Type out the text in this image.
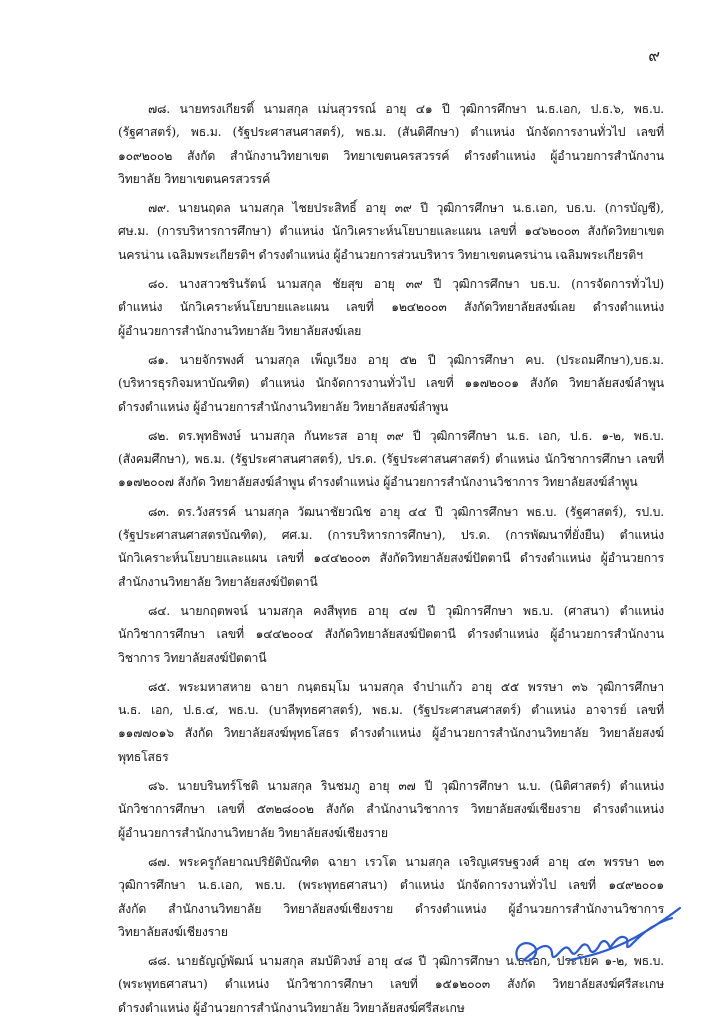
๙
๗๘. นายทรงเกียรติ์ นามสกุล เม่นสุวรรณ์ อายุ ๔๑ ปี วุฒิการศึกษา น.ธ.เอก, ป.ธ.๖, พธ.บ.
(รัฐศาสตร์), พธ.ม. (รัฐประศาสนศาสตร์), พธ.ม. (สันติศึกษา) ตำแหน่ง นักจัดการงานทั่วไป เลขที่
๑๐๙๒๐๐๒ สังกัด สำนักงานวิทยาเขต วิทยาเขตนครสวรรค์ ดำรงตำแหน่ง ผู้อำนวยการสำนักงาน
วิทยาลัย วิทยาเขตนครสวรรค์
๗๙. นายนฤดล นามสกุล ไชยประสิทธิ์ อายุ ๓๙ ปี วุฒิการศึกษา น.ธ.เอก, บธ.บ. (การบัญชี),
ศษ.ม. (การบริหารการศึกษา) ตำแหน่ง นักวิเคราะห์นโยบายและแผน เลขที่ ๑๔๖๒๐๐๓ สังกัดวิทยาเขต
นครน่าน เฉลิมพระเกียรติฯ ดำรงตำแหน่ง ผู้อำนวยการส่วนบริหาร วิทยาเขตนครน่าน เฉลิมพระเกียรติฯ
๘๐. นางสาวชรินรัตน์ นามสกุล ชัยสุข อายุ ๓๙ ปี วุฒิการศึกษา บธ.บ. (การจัดการทั่วไป)
ตำแหน่ง นักวิเคราะห์นโยบายและแผน เลขที่ ๑๒๔๒๐๐๓ สังกัดวิทยาลัยสงฆ์เลย ดำรงตำแหน่ง
ผู้อำนวยการสำนักงานวิทยาลัย วิทยาลัยสงฆ์เลย
๘๑. นายจักรพงศ์ นามสกุล เพ็ญเวียง อายุ ๕๒ ปี วุฒิการศึกษา คบ. (ประถมศึกษา),บธ.ม.
(บริหารธุรกิจมหาบัณฑิต) ตำแหน่ง นักจัดการงานทั่วไป เลขที่ ๑๑๗๒๐๐๑ สังกัด วิทยาลัยสงฆ์ลำพูน
ดำรงตำแหน่ง ผู้อำนวยการสำนักงานวิทยาลัย วิทยาลัยสงฆ์ลำพูน
๘๒. ดร.พุทธิพงษ์ นามสกุล กันทะรส อายุ ๓๙ ปี วุฒิการศึกษา น.ธ. เอก, ป.ธ. ๑-๒, พธ.บ.
(สังคมศึกษา), พธ.ม. (รัฐประศาสนศาสตร์), ปร.ด. (รัฐประศาสนศาสตร์) ตำแหน่ง นักวิชาการศึกษา เลขที่
๑๑๗๒๐๐๗ สังกัด วิทยาลัยสงฆ์ลำพูน ดำรงตำแหน่ง ผู้อำนวยการสำนักงานวิชาการ วิทยาลัยสงฆ์ลำพูน
๘๓. ดร.วังสรรค์ นามสกุล วัฒนาชัยวณิช อายุ ๔๔ ปี วุฒิการศึกษา พธ.บ. (รัฐศาสตร์), รป.บ.
(รัฐประศาสนศาสตรบัณฑิต), ศศ.ม. (การบริหารการศึกษา), ปร.ด. (การพัฒนาที่ยั่งยืน) ตำแหน่ง
นักวิเคราะห์นโยบายและแผน เลขที่ ๑๔๔๒๐๐๓ สังกัดวิทยาลัยสงฆ์ปัตตานี ดำรงตำแหน่ง ผู้อำนวยการ
สำนักงานวิทยาลัย วิทยาลัยสงฆ์ปัตตานี
๘๔. นายกฤตพจน์ นามสกุล คงสีพุทธ อายุ ๔๗ ปี วุฒิการศึกษา พธ.บ. (ศาสนา) ตำแหน่ง
นักวิชาการศึกษา เลขที่ ๑๔๔๒๐๐๔ สังกัดวิทยาลัยสงฆ์ปัตตานี ดำรงตำแหน่ง ผู้อำนวยการสำนักงาน
วิชาการ วิทยาลัยสงฆ์ปัตตานี
๘๕. พระมหาสหาย ฉายา กนฺตธมฺโม นามสกุล จำปาแก้ว อายุ ๕๕ พรรษา ๓๖ วุฒิการศึกษา
น.ธ. เอก, ป.ธ.๔, พธ.บ. (บาลีพุทธศาสตร์), พธ.ม. (รัฐประศาสนศาสตร์) ตำแหน่ง อาจารย์ เลขที่
๑๑๗๗๐๑๖ สังกัด วิทยาลัยสงฆ์พุทธโสธร ดำรงตำแหน่ง ผู้อำนวยการสำนักงานวิทยาลัย วิทยาลัยสงฆ์
พุทธโสธร
๘๖. นายบรินทร์โชติ นามสกุล รินชมภู อายุ ๓๗ ปี วุฒิการศึกษา น.บ. (นิติศาสตร์) ตำแหน่ง
นักวิชาการศึกษา เลขที่ ๕๓๒๘๐๐๒ สังกัด สำนักงานวิชาการ วิทยาลัยสงฆ์เชียงราย ดำรงตำแหน่ง
ผู้อำนวยการสำนักงานวิทยาลัย วิทยาลัยสงฆ์เชียงราย
๘๗. พระครูกัลยาณปริยัติบัณฑิต ฉายา เรวโต นามสกุล เจริญเศรษฐวงศ์ อายุ ๔๓ พรรษา ๒๓
วุฒิการศึกษา น.ธ.เอก, พธ.บ. (พระพุทธศาสนา) ตำแหน่ง นักจัดการงานทั่วไป เลขที่ ๑๔๙๒๐๐๑
สังกัด สำนักงานวิทยาลัย วิทยาลัยสงฆ์เชียงราย ดำรงตำแหน่ง ผู้อำนวยการสำนักงานวิชาการ
วิทยาลัยสงฆ์เชียงราย
๘๘. นายธัญญ์พัฒน์ นามสกุล สมบัติวงษ์ อายุ ๔๘ ปี วุฒิการศึกษา น.ธ.เอก, ประโยค ๑-๒, พธ.บ.
(พระพุทธศาสนา) ตำแหน่ง นักวิชาการศึกษา เลขที่ ๑๕๑๒๐๐๓ สังกัด วิทยาลัยสงฆ์ศรีสะเกษ
ดำรงตำแหน่ง ผู้อำนวยการสำนักงานวิทยาลัย วิทยาลัยสงฆ์ศรีสะเกษ
